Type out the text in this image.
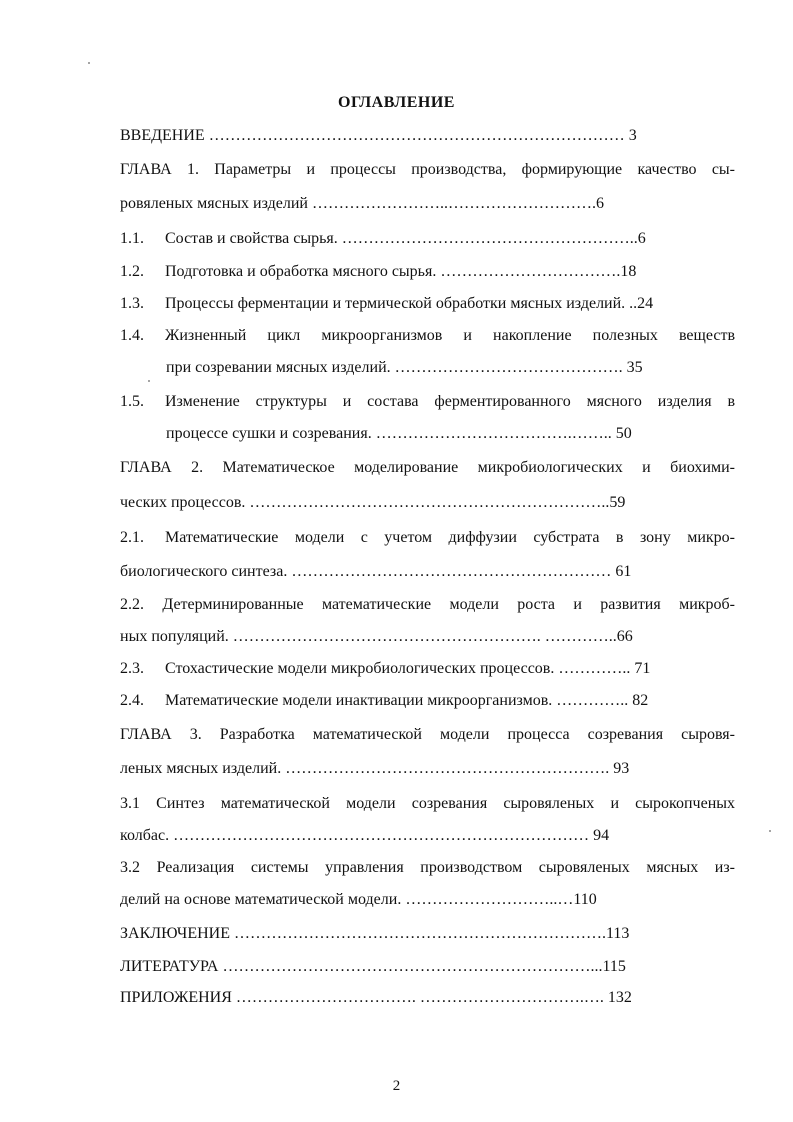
ОГЛАВЛЕНИЕ
ВВЕДЕНИЕ …………………………………………………………………… 3
ГЛАВА 1. Параметры и процессы производства, формирующие качество сы-
ровяленых мясных изделий ……………………..……………………….6
1.1. Состав и свойства сырья. ………………………………………………..6
1.2. Подготовка и обработка мясного сырья. …………………………….18
1.3. Процессы ферментации и термической обработки мясных изделий. ..24
1.4. Жизненный цикл микроорганизмов и накопление полезных веществ
при созревании мясных изделий. ……………………………………. 35
1.5. Изменение структуры и состава ферментированного мясного изделия в
процессе сушки и созревания. ……………………………….…….. 50
ГЛАВА 2. Математическое моделирование микробиологических и биохими-
ческих процессов. …………………………………………………………..59
2.1. Математические модели с учетом диффузии субстрата в зону микро-
биологического синтеза. …………………………………………………… 61
2.2. Детерминированные математические модели роста и развития микроб-
ных популяций. …………………………………………………. …………..66
2.3. Стохастические модели микробиологических процессов. ………….. 71
2.4. Математические модели инактивации микроорганизмов. ………….. 82
ГЛАВА 3. Разработка математической модели процесса созревания сыровя-
леных мясных изделий. ……………………………………………………. 93
3.1 Синтез математической модели созревания сыровяленых и сырокопченых
колбас. …………………………………………………………………… 94
3.2 Реализация системы управления производством сыровяленых мясных из-
делий на основе математической модели. ………………………..…110
ЗАКЛЮЧЕНИЕ …………………………………………………………….113
ЛИТЕРАТУРА ……………………………………………………………...115
ПРИЛОЖЕНИЯ ……………………………. ………………………….…. 132
2
